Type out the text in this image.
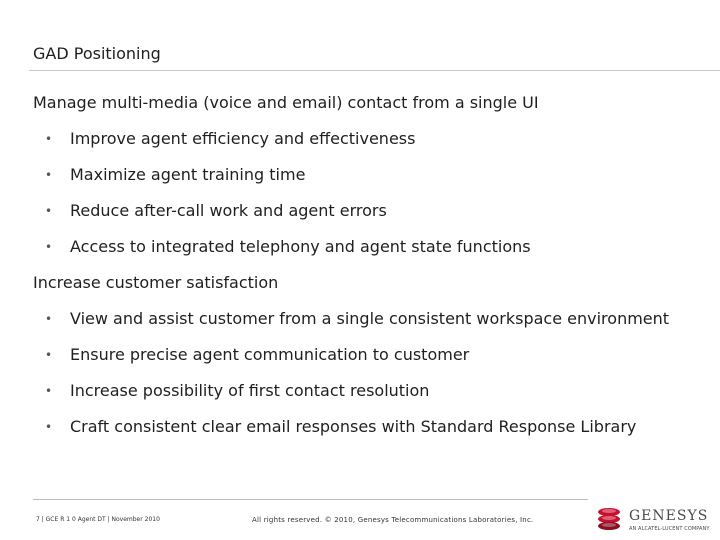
GAD Positioning
Manage multi-media (voice and email) contact from a single UI
• Improve agent efficiency and effectiveness
• Maximize agent training time
• Reduce after-call work and agent errors
• Access to integrated telephony and agent state functions
Increase customer satisfaction
• View and assist customer from a single consistent workspace environment
• Ensure precise agent communication to customer
• Increase possibility of first contact resolution
• Craft consistent clear email responses with Standard Response Library
7 | GCE R 1 0 Agent DT | November 2010	All rights reserved. © 2010, Genesys Telecommunications Laboratories, Inc.	GENESYS
AN ALCATEL-LUCENT COMPANY
